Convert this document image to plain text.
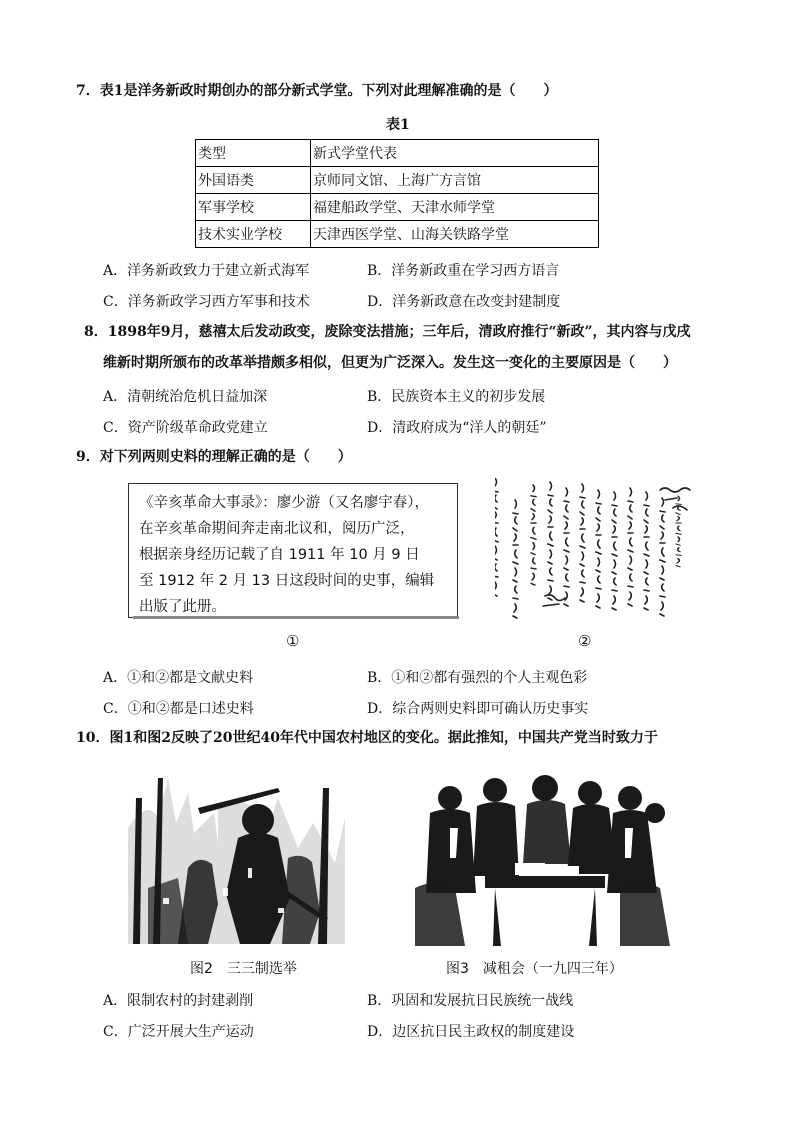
7．表1是洋务新政时期创办的部分新式学堂。下列对此理解准确的是（　　）
表1
类型	新式学堂代表
外国语类	京师同文馆、上海广方言馆
军事学校	福建船政学堂、天津水师学堂
技术实业学校	天津西医学堂、山海关铁路学堂
A．洋务新政致力于建立新式海军	B．洋务新政重在学习西方语言
C．洋务新政学习西方军事和技术	D．洋务新政意在改变封建制度
8．1898年9月，慈禧太后发动政变，废除变法措施；三年后，清政府推行“新政”，其内容与戊戌
维新时期所颁布的改革举措颇多相似，但更为广泛深入。发生这一变化的主要原因是（　　）
A．清朝统治危机日益加深	B．民族资本主义的初步发展
C．资产阶级革命政党建立	D．清政府成为“洋人的朝廷”
9．对下列两则史料的理解正确的是（　　）
《辛亥革命大事录》：廖少游（又名廖宇春），
在辛亥革命期间奔走南北议和，阅历广泛，
根据亲身经历记载了自 1911 年 10 月 9 日
至 1912 年 2 月 13 日这段时间的史事，编辑
出版了此册。
①	②
A．①和②都是文献史料	B．①和②都有强烈的个人主观色彩
C．①和②都是口述史料	D．综合两则史料即可确认历史事实
10．图1和图2反映了20世纪40年代中国农村地区的变化。据此推知，中国共产党当时致力于
图2　三三制选举	图3　减租会（一九四三年）
A．限制农村的封建剥削	B．巩固和发展抗日民族统一战线
C．广泛开展大生产运动	D．边区抗日民主政权的制度建设
